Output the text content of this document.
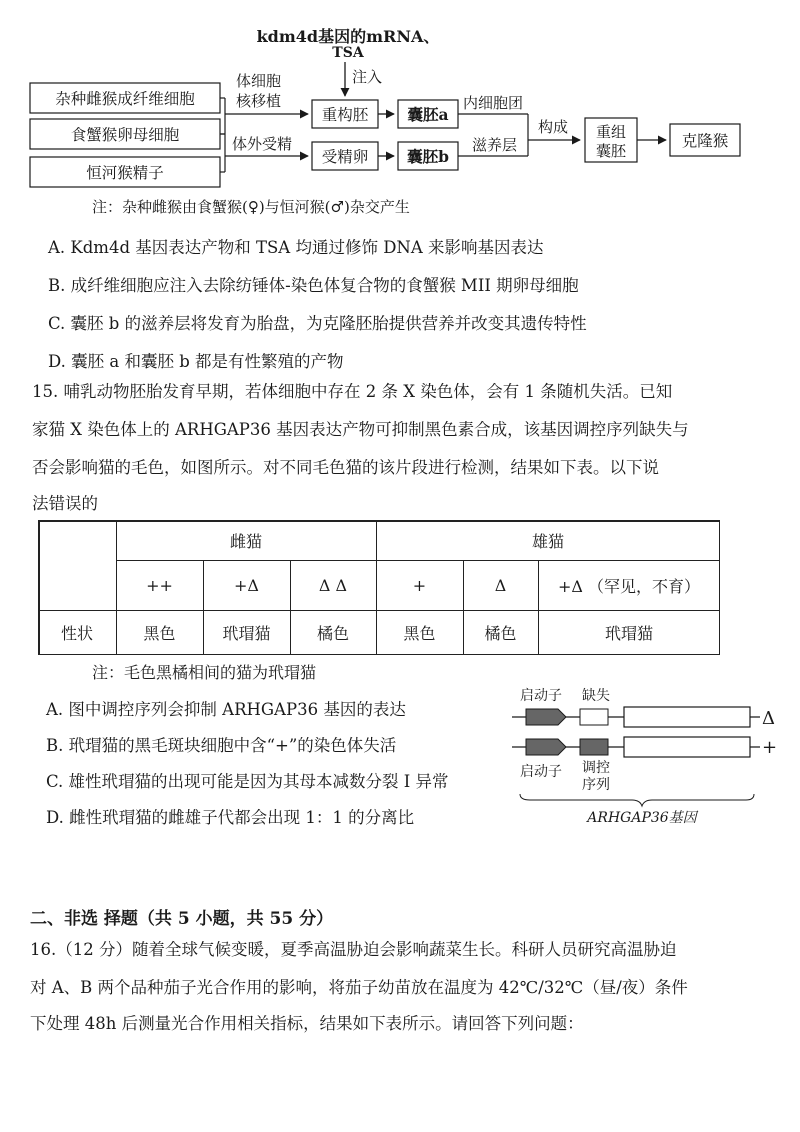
kdm4d基因的mRNA、
TSA
注入
杂种雌猴成纤维细胞
食蟹猴卵母细胞
恒河猴精子
体细胞
核移植
体外受精
重构胚
受精卵
囊胚a
囊胚b
内细胞团
滋养层
构成 重组
囊胚
克隆猴
注：杂种雌猴由食蟹猴(♀)与恒河猴(♂)杂交产生
A. Kdm4d 基因表达产物和 TSA 均通过修饰 DNA 来影响基因表达
B. 成纤维细胞应注入去除纺锤体-染色体复合物的食蟹猴 MII 期卵母细胞
C. 囊胚 b 的滋养层将发育为胎盘，为克隆胚胎提供营养并改变其遗传特性
D. 囊胚 a 和囊胚 b 都是有性繁殖的产物
15. 哺乳动物胚胎发育早期，若体细胞中存在 2 条 X 染色体，会有 1 条随机失活。已知
家猫 X 染色体上的 ARHGAP36 基因表达产物可抑制黑色素合成，该基因调控序列缺失与
否会影响猫的毛色，如图所示。对不同毛色猫的该片段进行检测，结果如下表。以下说
法错误的
雌猫	雄猫
++	+Δ	Δ Δ	+	Δ	+Δ （罕见，不育）
性状	黑色	玳瑁猫	橘色	黑色	橘色	玳瑁猫
注：毛色黑橘相间的猫为玳瑁猫
A. 图中调控序列会抑制 ARHGAP36 基因的表达
B. 玳瑁猫的黑毛斑块细胞中含“+”的染色体失活
C. 雄性玳瑁猫的出现可能是因为其母本减数分裂 I 异常
D. 雌性玳瑁猫的雌雄子代都会出现 1：1 的分离比
启动子 缺失
Δ
+
启动子 调控
序列
ARHGAP36基因
二、非选 择题（共 5 小题，共 55 分）
16.（12 分）随着全球气候变暖，夏季高温胁迫会影响蔬菜生长。科研人员研究高温胁迫
对 A、B 两个品种茄子光合作用的影响，将茄子幼苗放在温度为 42℃/32℃（昼/夜）条件
下处理 48h 后测量光合作用相关指标，结果如下表所示。请回答下列问题：
